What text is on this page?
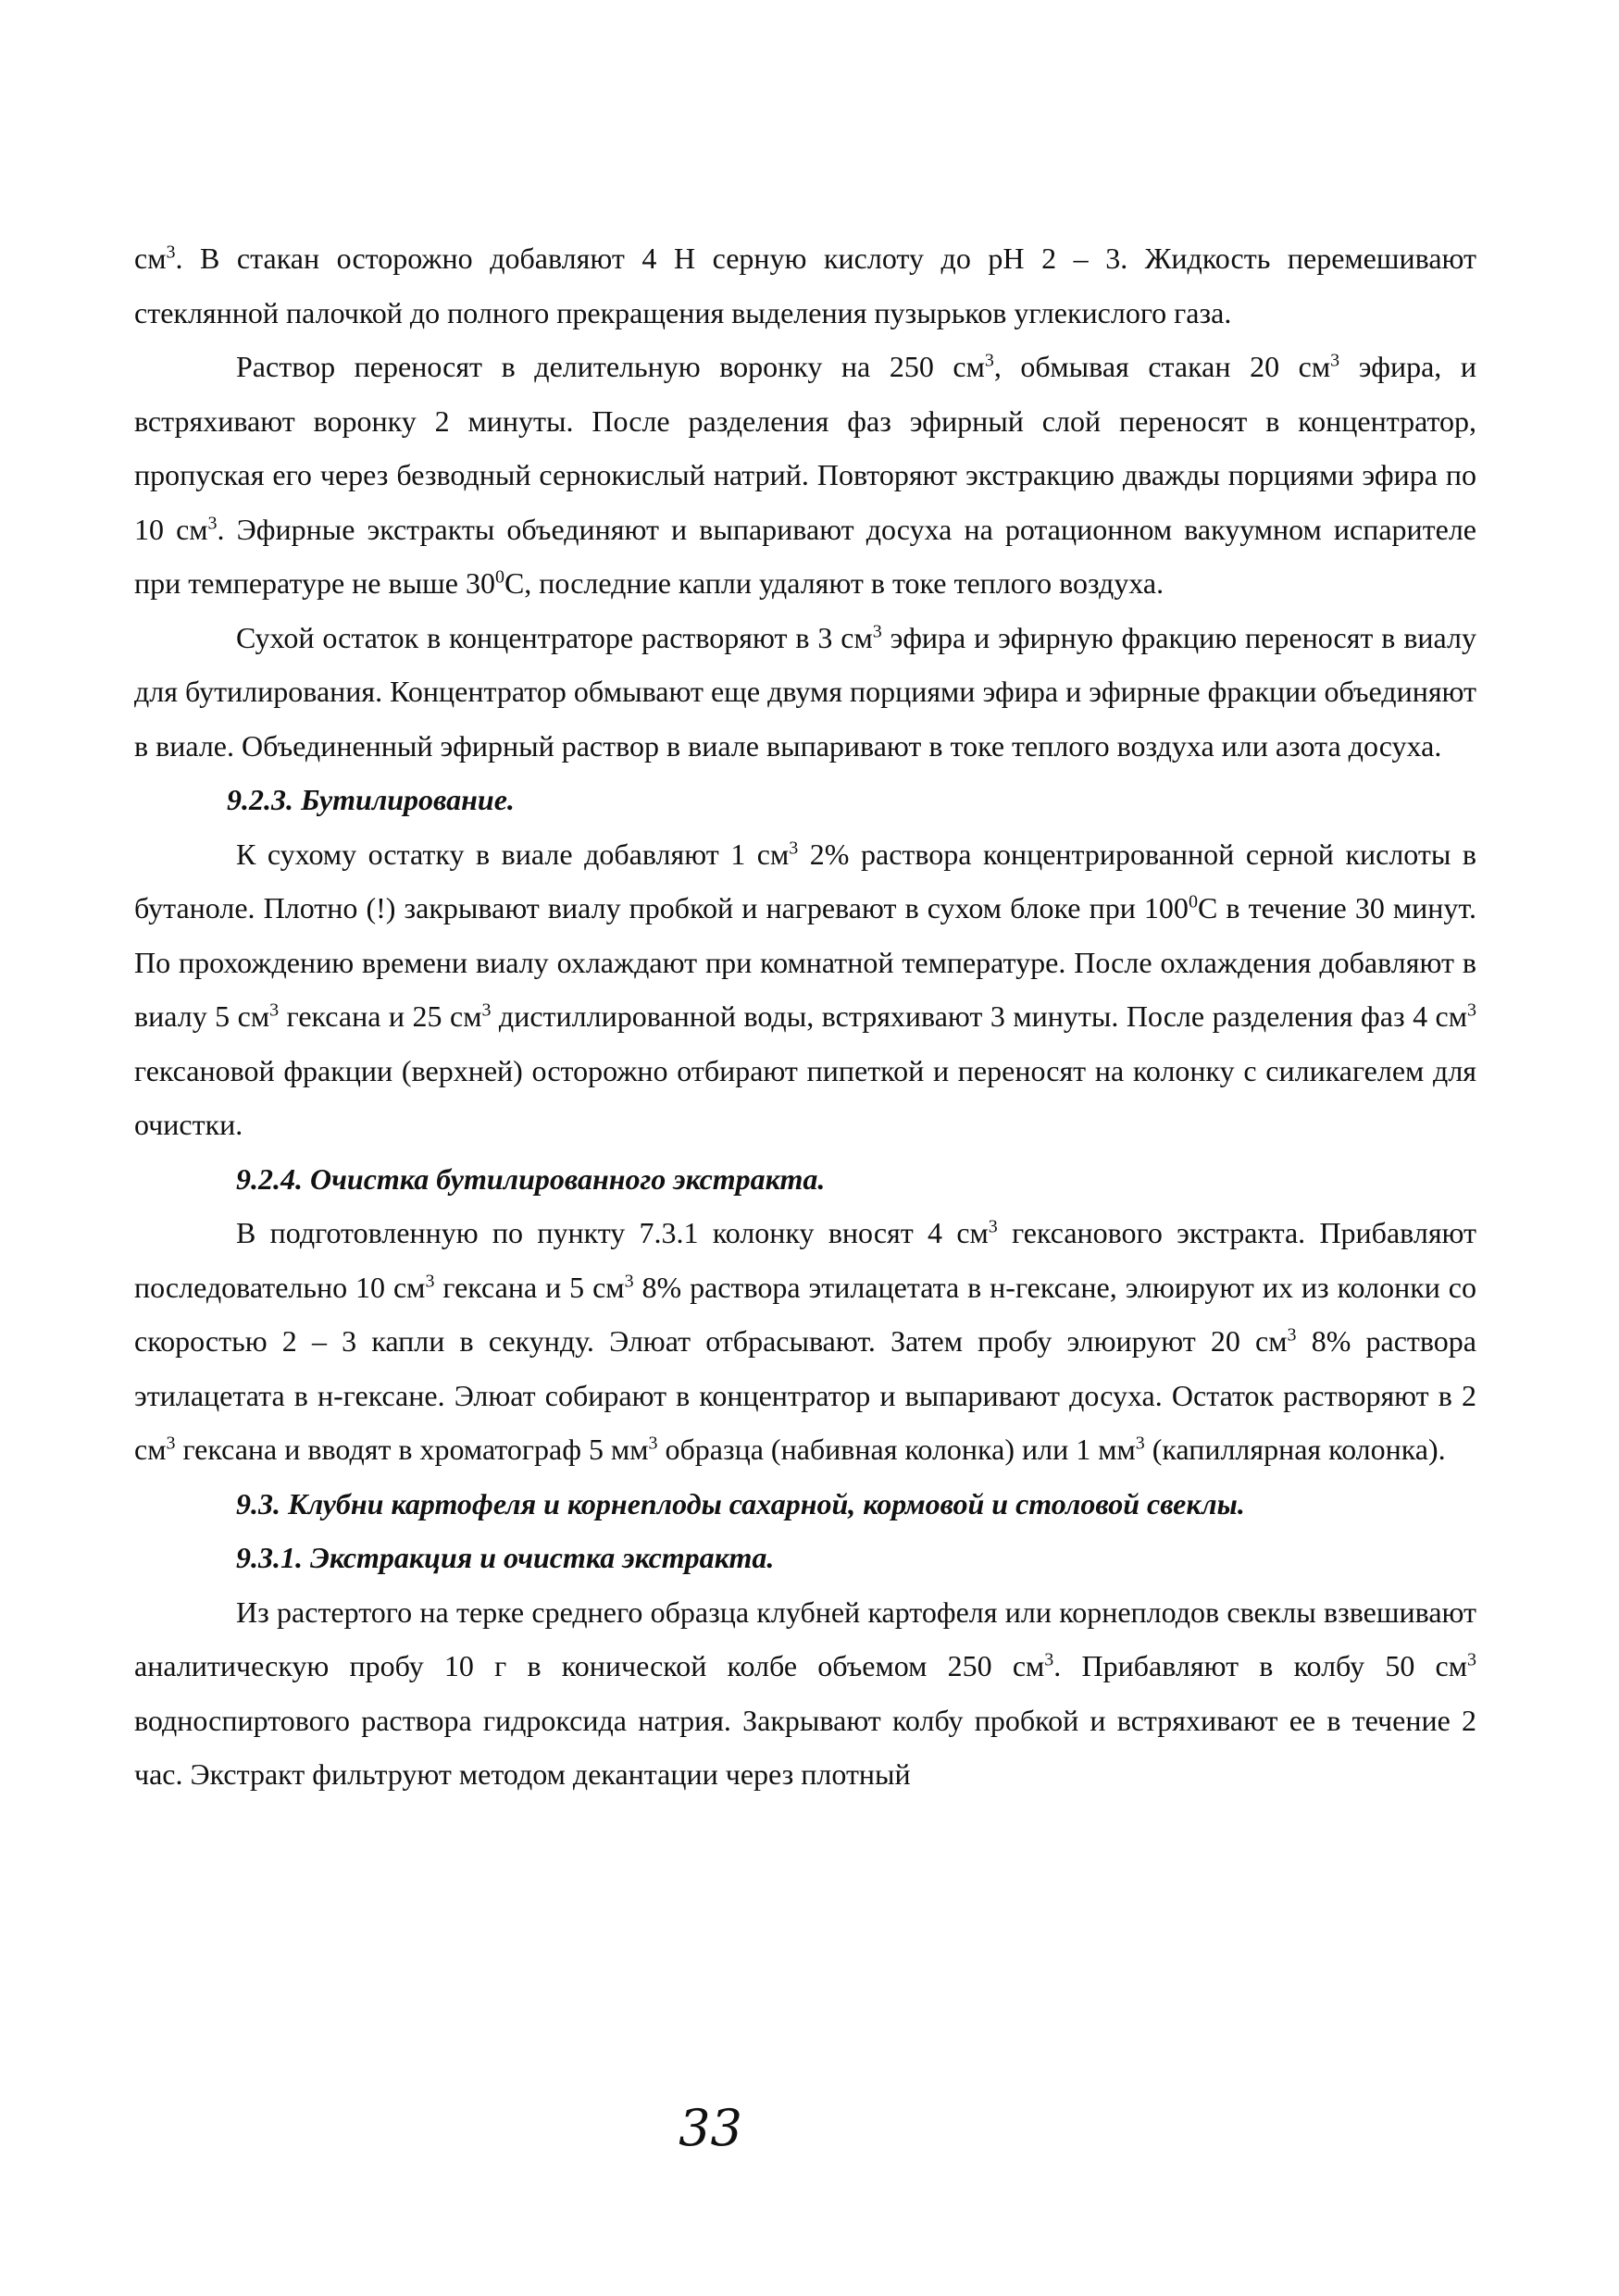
$см^3$. В стакан осторожно добавляют 4 Н серную кислоту до рН 2 – 3. Жидкость перемешивают стеклянной палочкой до полного прекращения выделения пузырьков углекислого газа.

Раствор переносят в делительную воронку на 250 $см^3$, обмывая стакан 20 $см^3$ эфира, и встряхивают воронку 2 минуты. После разделения фаз эфирный слой переносят в концентратор, пропуская его через безводный сернокислый натрий. Повторяют экстракцию дважды порциями эфира по 10 $см^3$. Эфирные экстракты объединяют и выпаривают досуха на ротационном вакуумном испарителе при температуре не выше $30^0С$, последние капли удаляют в токе теплого воздуха.

Сухой остаток в концентраторе растворяют в 3 $см^3$ эфира и эфирную фракцию переносят в виалу для бутилирования. Концентратор обмывают еще двумя порциями эфира и эфирные фракции объединяют в виале. Объединенный эфирный раствор в виале выпаривают в токе теплого воздуха или азота досуха.

9.2.3. Бутилирование.

К сухому остатку в виале добавляют 1 $см^3$ 2% раствора концентрированной серной кислоты в бутаноле. Плотно (!) закрывают виалу пробкой и нагревают в сухом блоке при $100^0С$ в течение 30 минут. По прохождению времени виалу охлаждают при комнатной температуре. После охлаждения добавляют в виалу 5 $см^3$ гексана и 25 $см^3$ дистиллированной воды, встряхивают 3 минуты. После разделения фаз 4 $см^3$ гексановой фракции (верхней) осторожно отбирают пипеткой и переносят на колонку с силикагелем для очистки.

9.2.4. Очистка бутилированного экстракта.

В подготовленную по пункту 7.3.1 колонку вносят 4 $см^3$ гексанового экстракта. Прибавляют последовательно 10 $см^3$ гексана и 5 $см^3$ 8% раствора этилацетата в н-гексане, элюируют их из колонки со скоростью 2 – 3 капли в секунду. Элюат отбрасывают. Затем пробу элюируют 20 $см^3$ 8% раствора этилацетата в н-гексане. Элюат собирают в концентратор и выпаривают досуха. Остаток растворяют в 2 $см^3$ гексана и вводят в хроматограф 5 $мм^3$ образца (набивная колонка) или 1 $мм^3$ (капиллярная колонка).

9.3. Клубни картофеля и корнеплоды сахарной, кормовой и столовой свеклы.

9.3.1. Экстракция и очистка экстракта.

Из растертого на терке среднего образца клубней картофеля или корнеплодов свеклы взвешивают аналитическую пробу 10 г в конической колбе объемом 250 $см^3$. Прибавляют в колбу 50 $см^3$ водноспиртового раствора гидроксида натрия. Закрывают колбу пробкой и встряхивают ее в течение 2 час. Экстракт фильтруют методом декантации через плотный

33
